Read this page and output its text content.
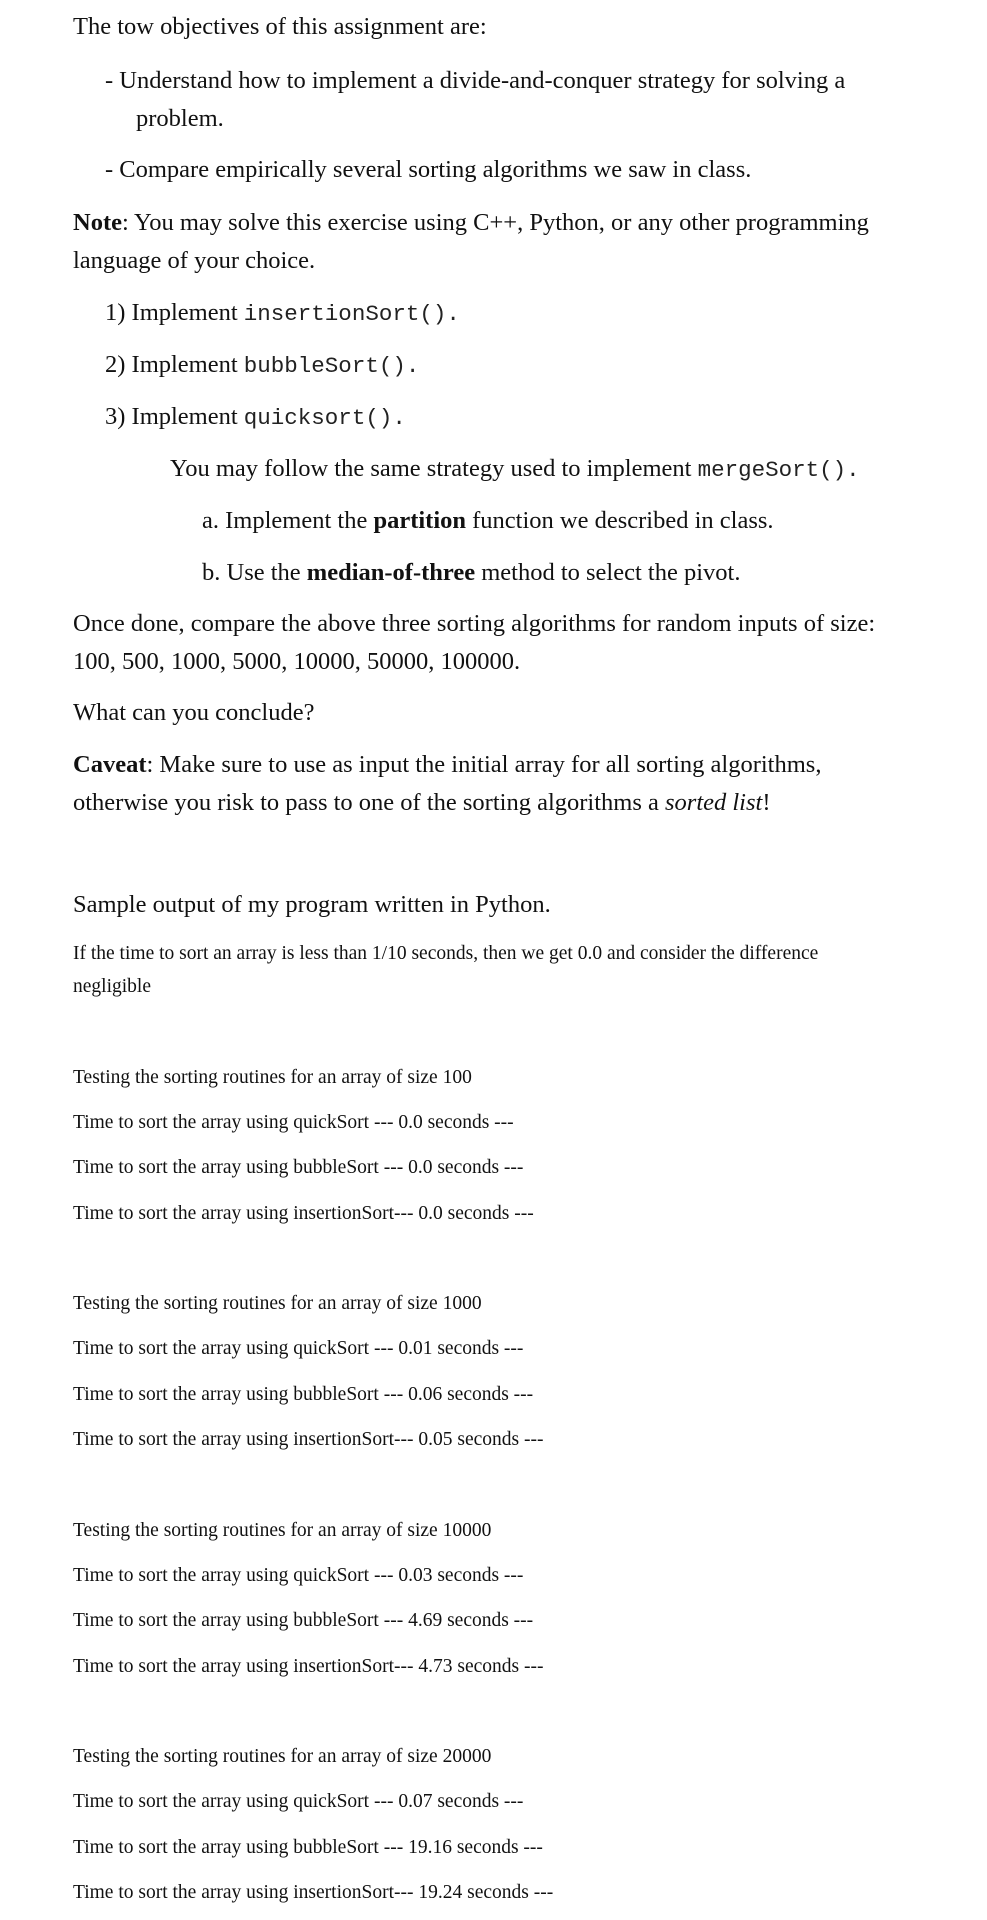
The tow objectives of this assignment are:
- Understand how to implement a divide-and-conquer strategy for solving a
problem.
- Compare empirically several sorting algorithms we saw in class.
Note: You may solve this exercise using C++, Python, or any other programming
language of your choice.
1) Implement insertionSort().
2) Implement bubbleSort().
3) Implement quicksort().
You may follow the same strategy used to implement mergeSort().
a. Implement the partition function we described in class.
b. Use the median-of-three method to select the pivot.
Once done, compare the above three sorting algorithms for random inputs of size:
100, 500, 1000, 5000, 10000, 50000, 100000.
What can you conclude?
Caveat: Make sure to use as input the initial array for all sorting algorithms,
otherwise you risk to pass to one of the sorting algorithms a sorted list!
Sample output of my program written in Python.
If the time to sort an array is less than 1/10 seconds, then we get 0.0 and consider the difference
negligible
Testing the sorting routines for an array of size 100
Time to sort the array using quickSort --- 0.0 seconds ---
Time to sort the array using bubbleSort --- 0.0 seconds ---
Time to sort the array using insertionSort--- 0.0 seconds ---
Testing the sorting routines for an array of size 1000
Time to sort the array using quickSort --- 0.01 seconds ---
Time to sort the array using bubbleSort --- 0.06 seconds ---
Time to sort the array using insertionSort--- 0.05 seconds ---
Testing the sorting routines for an array of size 10000
Time to sort the array using quickSort --- 0.03 seconds ---
Time to sort the array using bubbleSort --- 4.69 seconds ---
Time to sort the array using insertionSort--- 4.73 seconds ---
Testing the sorting routines for an array of size 20000
Time to sort the array using quickSort --- 0.07 seconds ---
Time to sort the array using bubbleSort --- 19.16 seconds ---
Time to sort the array using insertionSort--- 19.24 seconds ---
